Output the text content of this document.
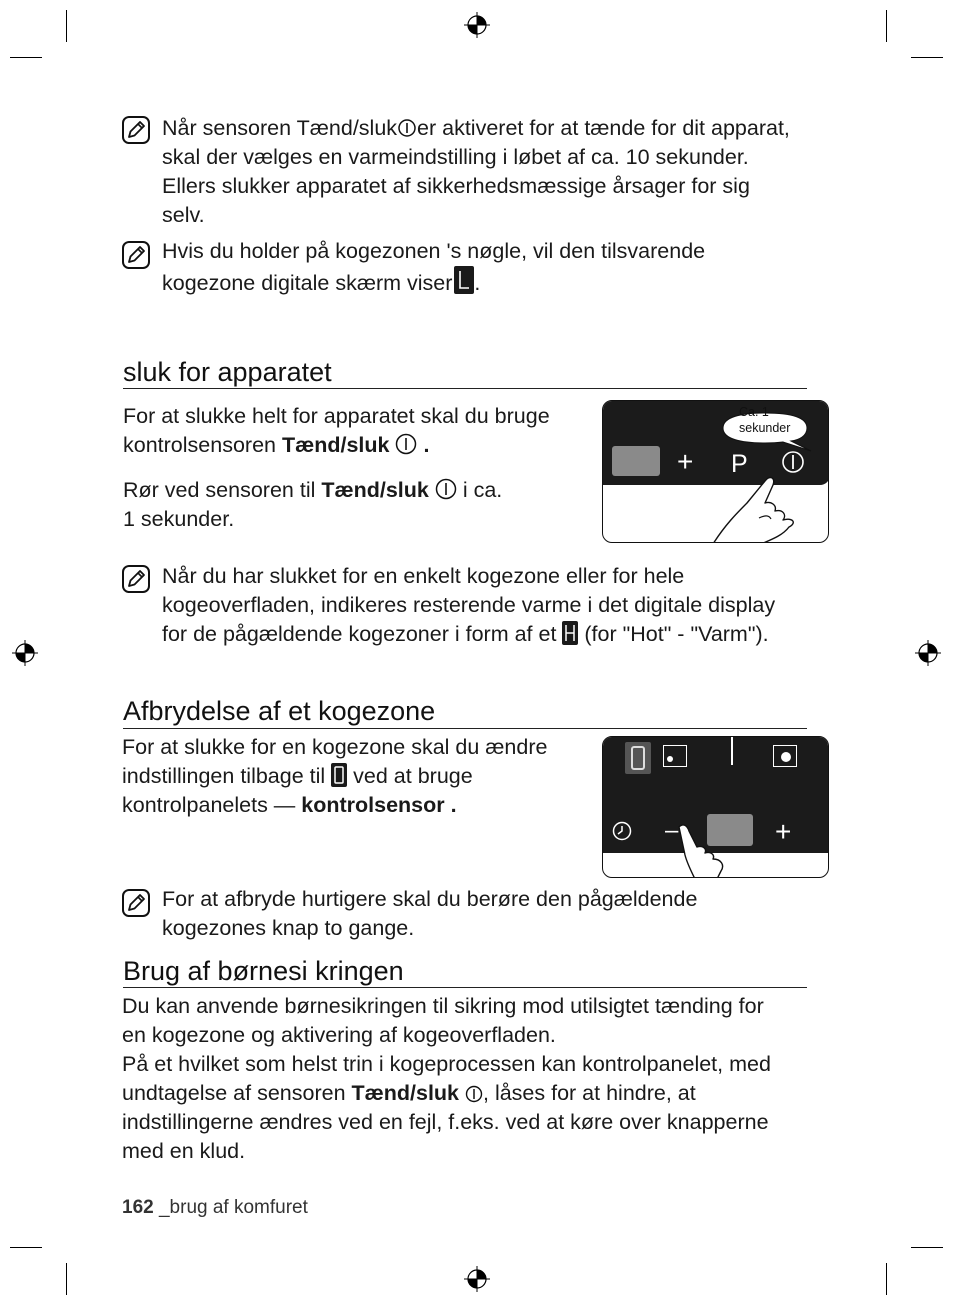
Når sensoren Tænd/sluk er aktiveret for at tænde for dit apparat,
skal der vælges en varmeindstilling i løbet af ca. 10 sekunder.
Ellers slukker apparatet af sikkerhedsmæssige årsager for sig
selv.
Hvis du holder på kogezonen 's nøgle, vil den tilsvarende
kogezone digitale skærm viser .
sluk for apparatet
For at slukke helt for apparatet skal du bruge
kontrolsensoren Tænd/sluk .
Rør ved sensoren til Tænd/sluk i ca.
1 sekunder.
+ P
Ca. 1
sekunder
Når du har slukket for en enkelt kogezone eller for hele
kogeoverfladen, indikeres resterende varme i det digitale display
for de pågældende kogezoner i form af et (for "Hot" - "Varm").
Afbrydelse af et kogezone
For at slukke for en kogezone skal du ændre
indstillingen tilbage til ved at bruge
kontrolpanelets — kontrolsensor .
–	+
For at afbryde hurtigere skal du berøre den pågældende
kogezones knap to gange.
Brug af børnesi kringen
Du kan anvende børnesikringen til sikring mod utilsigtet tænding for
en kogezone og aktivering af kogeoverfladen.
På et hvilket som helst trin i kogeprocessen kan kontrolpanelet, med
undtagelse af sensoren Tænd/sluk , låses for at hindre, at
indstillingerne ændres ved en fejl, f.eks. ved at køre over knapperne
med en klud.
162 _brug af komfuret
